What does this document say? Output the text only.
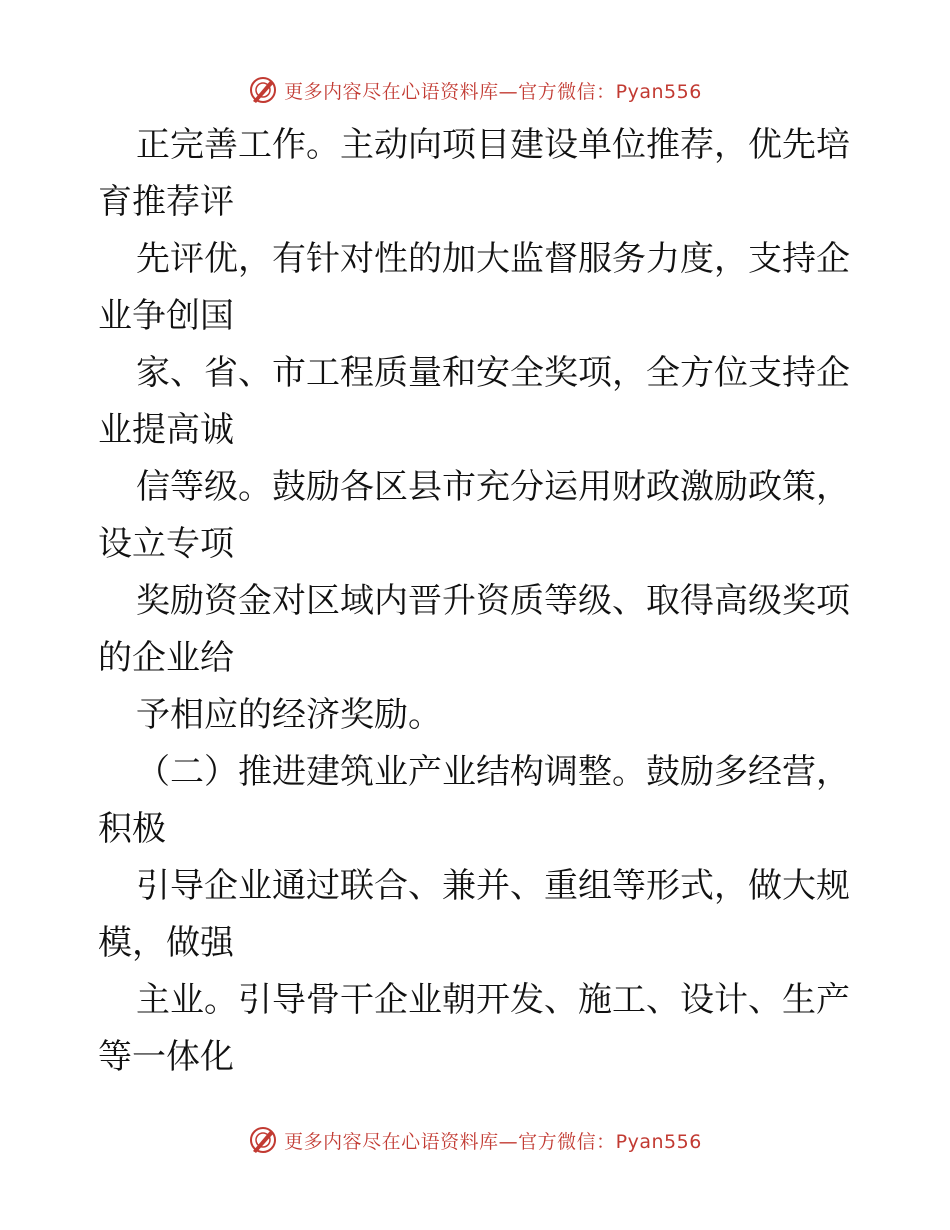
更多内容尽在心语资料库—官方微信：Pyan556
正完善工作。主动向项目建设单位推荐，优先培
育推荐评
先评优，有针对性的加大监督服务力度，支持企
业争创国
家、省、市工程质量和安全奖项，全方位支持企
业提高诚
信等级。鼓励各区县市充分运用财政激励政策，
设立专项
奖励资金对区域内晋升资质等级、取得高级奖项
的企业给
予相应的经济奖励。
（二）推进建筑业产业结构调整。鼓励多经营，
积极
引导企业通过联合、兼并、重组等形式，做大规
模，做强
主业。引导骨干企业朝开发、施工、设计、生产
等一体化
更多内容尽在心语资料库—官方微信：Pyan556
